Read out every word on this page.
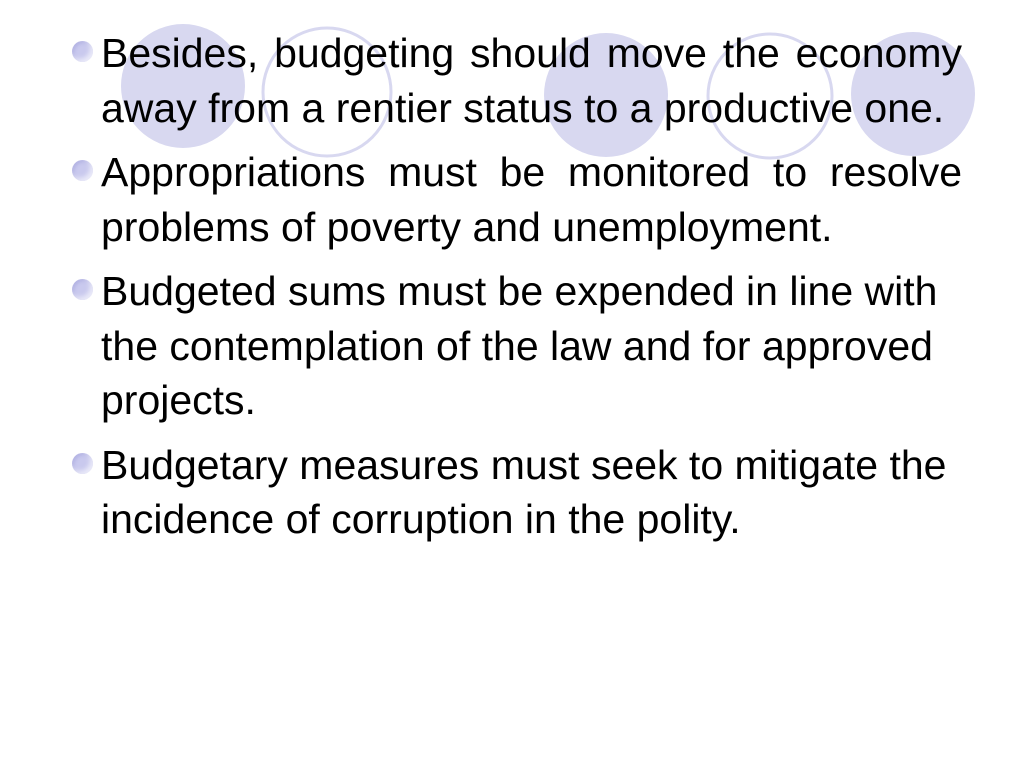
Besides, budgeting should move the economy away from a rentier status to a productive one.
Appropriations must be monitored to resolve problems of poverty and unemployment.
Budgeted sums must be expended in line with the contemplation of the law and for approved projects.
Budgetary measures must seek to mitigate the incidence of corruption in the polity.
